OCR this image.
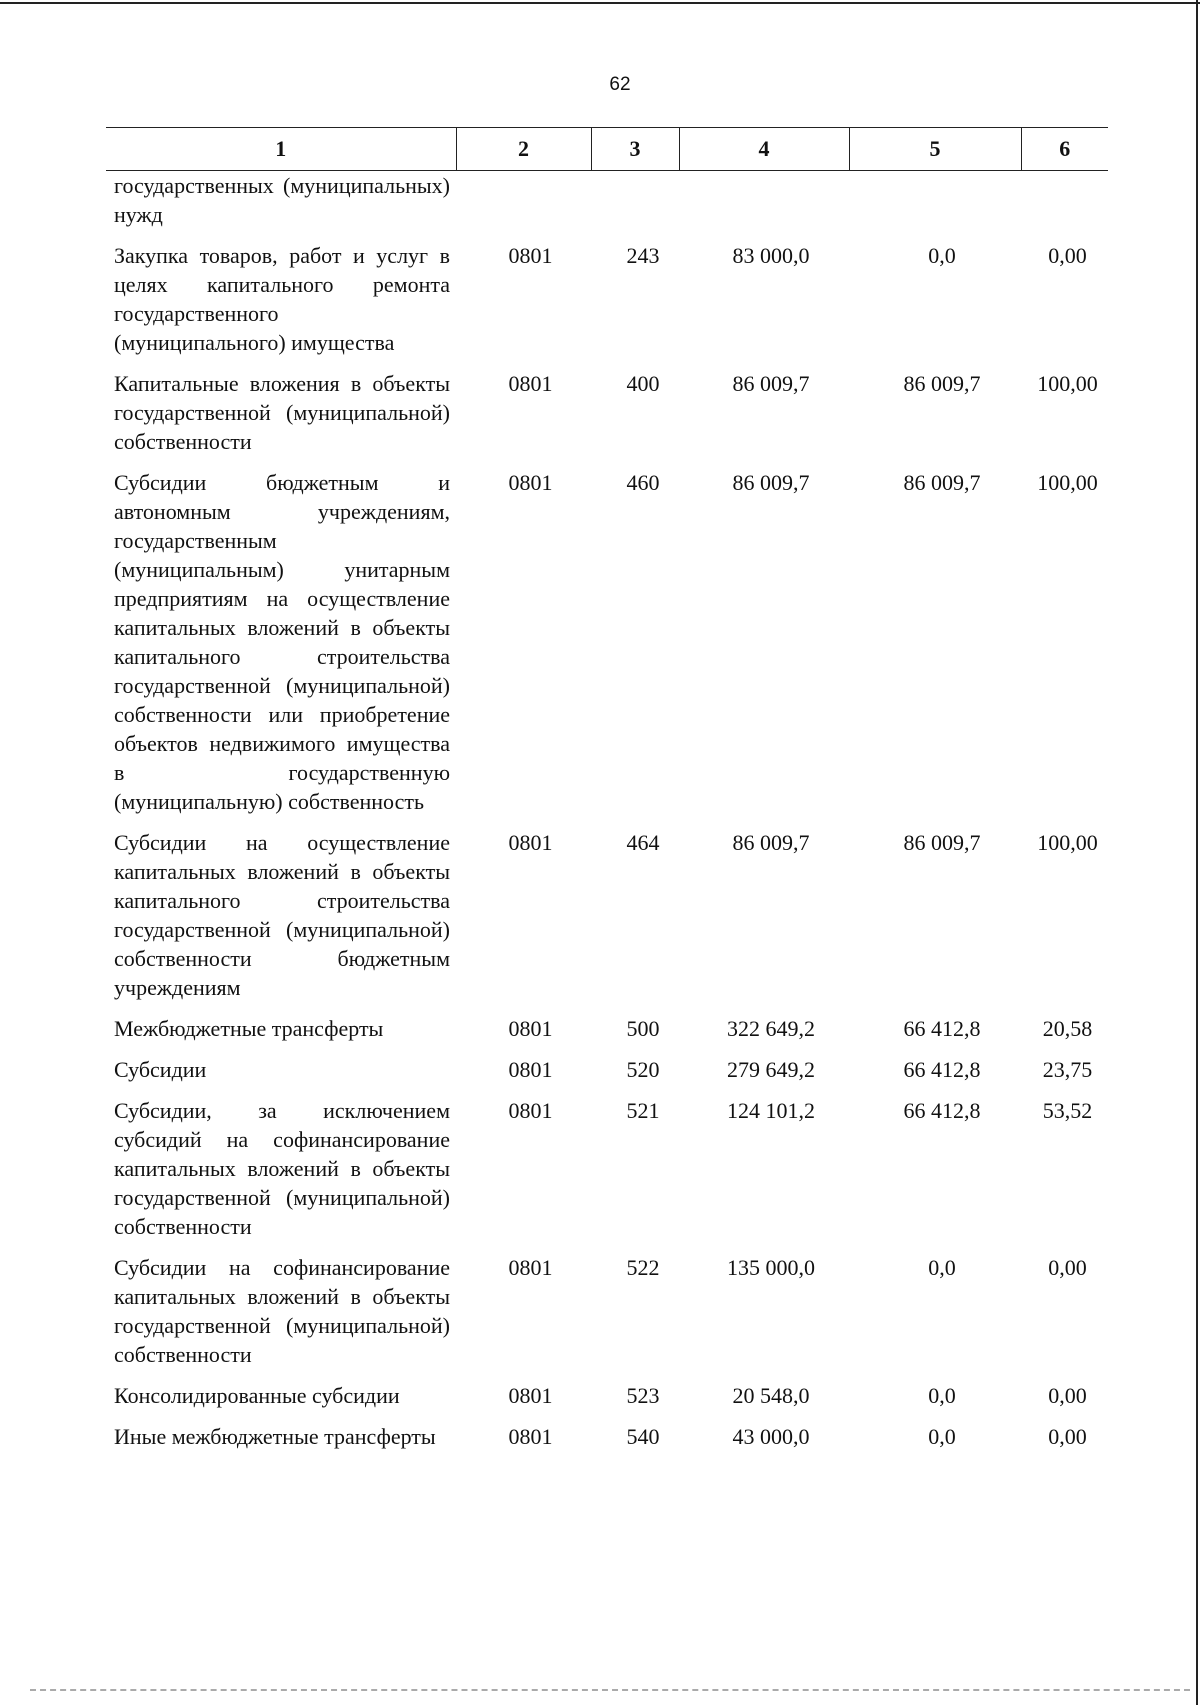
62
1	2	3	4	5	6
государственных (муниципальных) нужд					
Закупка товаров, работ и услуг в целях капитального ремонта государственного (муниципального) имущества	0801	243	83 000,0	0,0	0,00
Капитальные вложения в объекты государственной (муниципальной) собственности	0801	400	86 009,7	86 009,7	100,00
Субсидии бюджетным и автономным учреждениям, государственным (муниципальным) унитарным предприятиям на осуществление капитальных вложений в объекты капитального строительства государственной (муниципальной) собственности или приобретение объектов недвижимого имущества в государственную (муниципальную) собственность	0801	460	86 009,7	86 009,7	100,00
Субсидии на осуществление капитальных вложений в объекты капитального строительства государственной (муниципальной) собственности бюджетным учреждениям	0801	464	86 009,7	86 009,7	100,00
Межбюджетные трансферты	0801	500	322 649,2	66 412,8	20,58
Субсидии	0801	520	279 649,2	66 412,8	23,75
Субсидии, за исключением субсидий на софинансирование капитальных вложений в объекты государственной (муниципальной) собственности	0801	521	124 101,2	66 412,8	53,52
Субсидии на софинансирование капитальных вложений в объекты государственной (муниципальной) собственности	0801	522	135 000,0	0,0	0,00
Консолидированные субсидии	0801	523	20 548,0	0,0	0,00
Иные межбюджетные трансферты	0801	540	43 000,0	0,0	0,00
